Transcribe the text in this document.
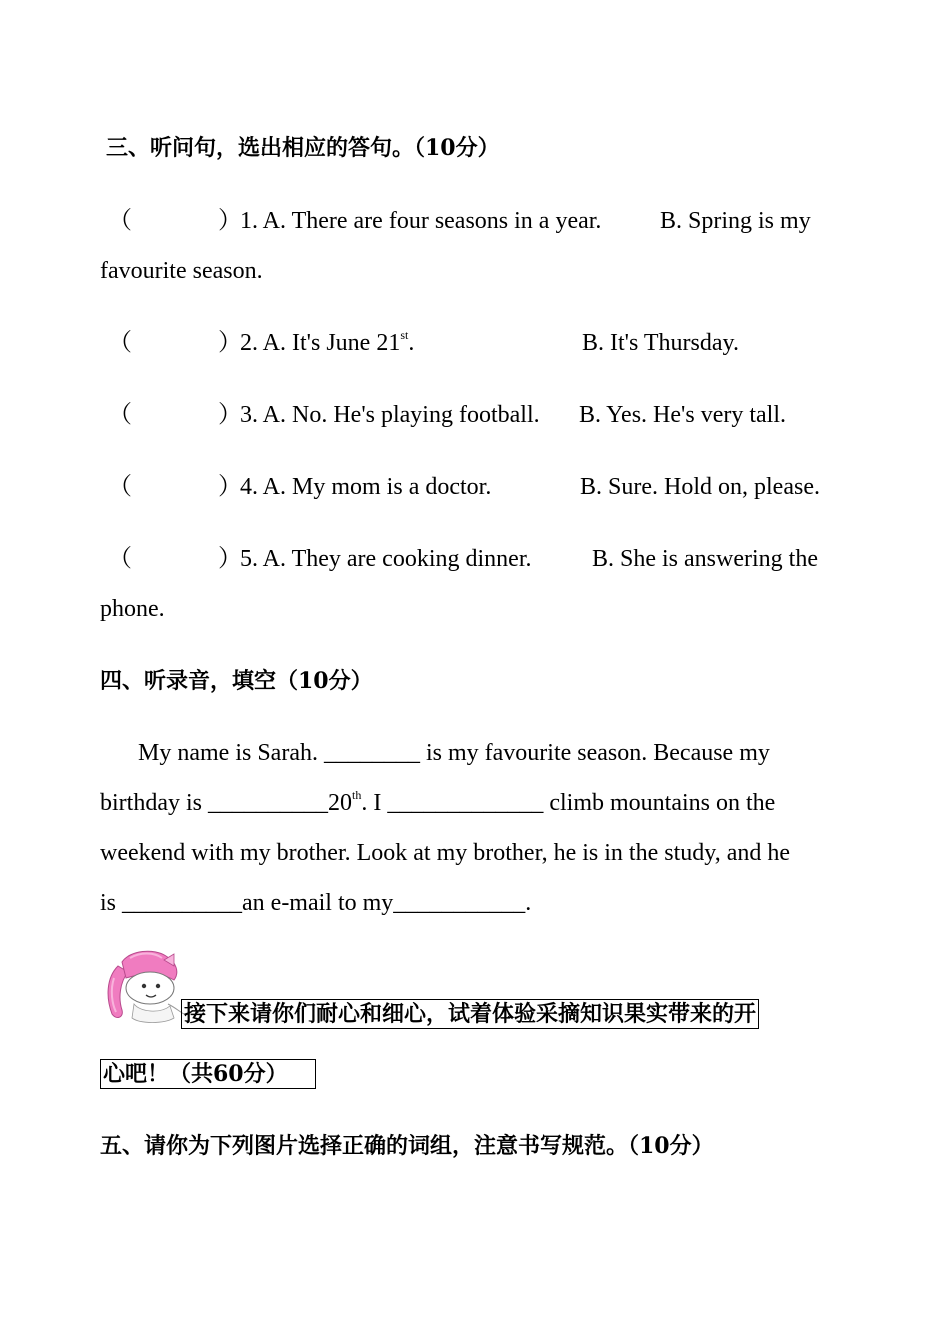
三、听问句，选出相应的答句。（10分）
（	）
1. A. There are four seasons in a year. B. Spring is my
favourite season.
（	）
2. A. It's June 21st.	B. It's Thursday.
（	）
3. A. No. He's playing football. B. Yes. He's very tall.
（	）
4. A. My mom is a doctor.	B. Sure. Hold on, please.
（	）
5. A. They are cooking dinner.	B. She is answering the
phone.
四、听录音，填空（10分）
My name is Sarah. ________ is my favourite season. Because my
birthday is __________20th. I _____________ climb mountains on the
weekend with my brother. Look at my brother, he is in the study, and he
is __________an e-mail to my___________.
接下来请你们耐心和细心，试着体验采摘知识果实带来的开
心吧！（共60分）
五、请你为下列图片选择正确的词组，注意书写规范。（10分）
